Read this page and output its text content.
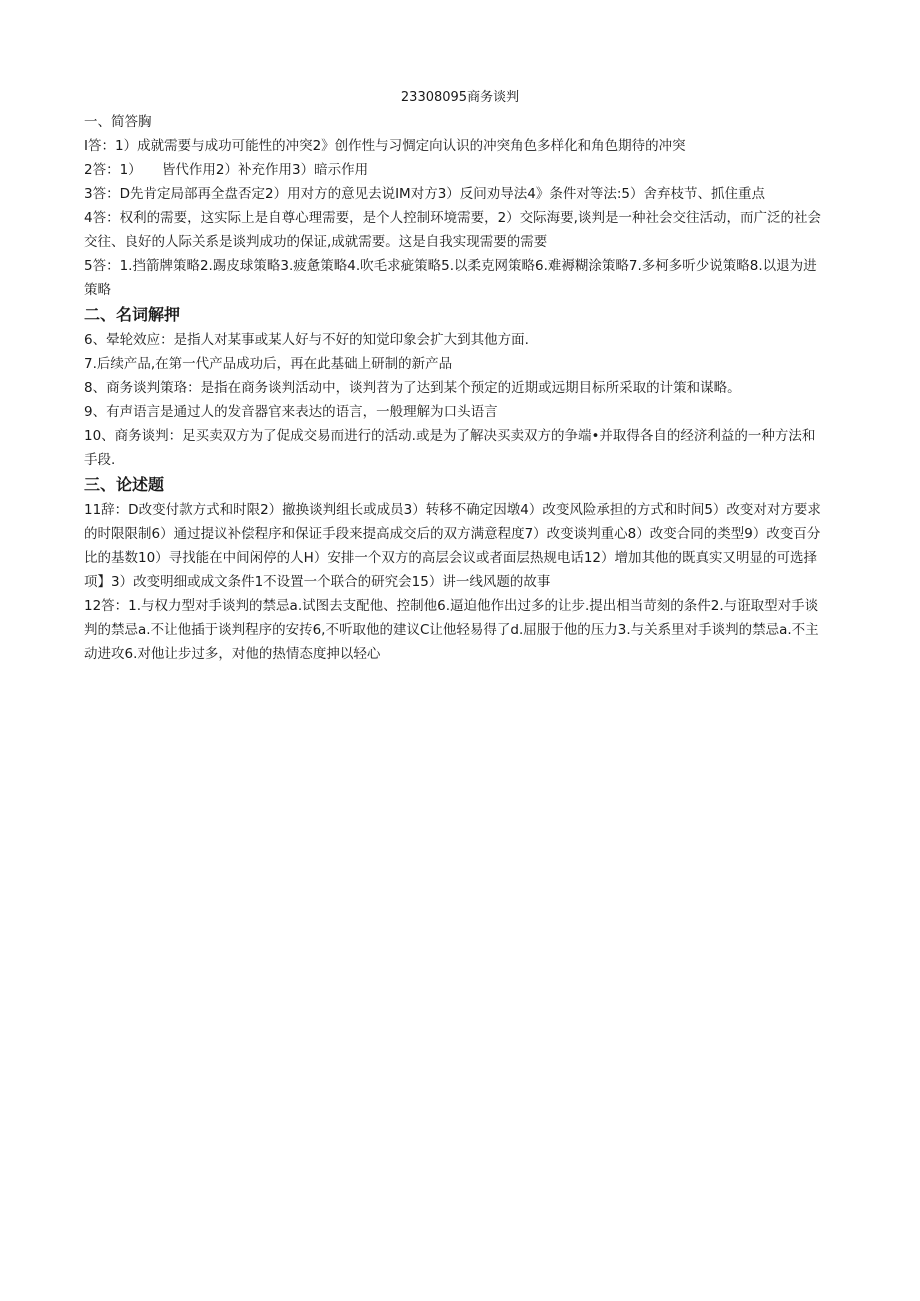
23308095商务谈判
一、简答胸

I答：1）成就需要与成功可能性的冲突2》创作性与习惆定向认识的冲突角色多样化和角色期待的冲突

2答：1）　　皆代作用2）补充作用3）暗示作用

3答：D先肯定局部再全盘否定2）用对方的意见去说IM对方3）反问劝导法4》条件对等法:5）舍弃枝节、抓住重点

4答：权利的需要，这实际上是自尊心理需要，是个人控制环境需要，2）交际海要,谈判是一种社会交往活动，而广泛的社会交往、良好的人际关系是谈判成功的保证,成就需要。这是自我实现需要的需要

5答：1.挡箭牌策略2.踢皮球策略3.疲惫策略4.吹毛求疵策略5.以柔克网策略6.难褥糊涂策略7.多柯多听少说策略8.以退为进策略

二、名词解押

6、晕轮效应：是指人对某事或某人好与不好的知觉印象会扩大到其他方面.

7.后续产品,在第一代产品成功后，再在此基础上研制的新产品

8、商务谈判策珞：是指在商务谈判活动中，谈判苕为了达到某个预定的近期或远期目标所采取的计策和谋略。

9、有声语言是通过人的发音器官来表达的语言，一般理解为口头语言

10、商务谈判：足买卖双方为了促成交易而进行的活动.或是为了解决买卖双方的争端•并取得各自的经济利益的一种方法和手段.

三、论述题

11辞：D改变付款方式和时限2）撤换谈判组长或成员3）转移不确定因墩4）改变风险承担的方式和时间5）改变对对方要求的时限限制6）通过提议补偿程序和保证手段来提高成交后的双方满意程度7）改变谈判重心8）改变合同的类型9）改变百分比的基数10）寻找能在中间闲停的人H）安排一个双方的高层会议或者面层热规电话12）增加其他的既真实又明显的可选择项】3）改变明细或成文条件1不设置一个联合的研究会15）讲一线风题的故事

12答：1.与权力型对手谈判的禁忌a.试图去支配他、控制他6.逼迫他作出过多的让步.提出相当苛刻的条件2.与诳取型对手谈判的禁忌a.不让他插于谈判程序的安抟6,不听取他的建议C让他轻易得了d.屈服于他的压力3.与关系里对手谈判的禁忌a.不主动进攻6.对他让步过多，对他的热情态度抻以轻心
